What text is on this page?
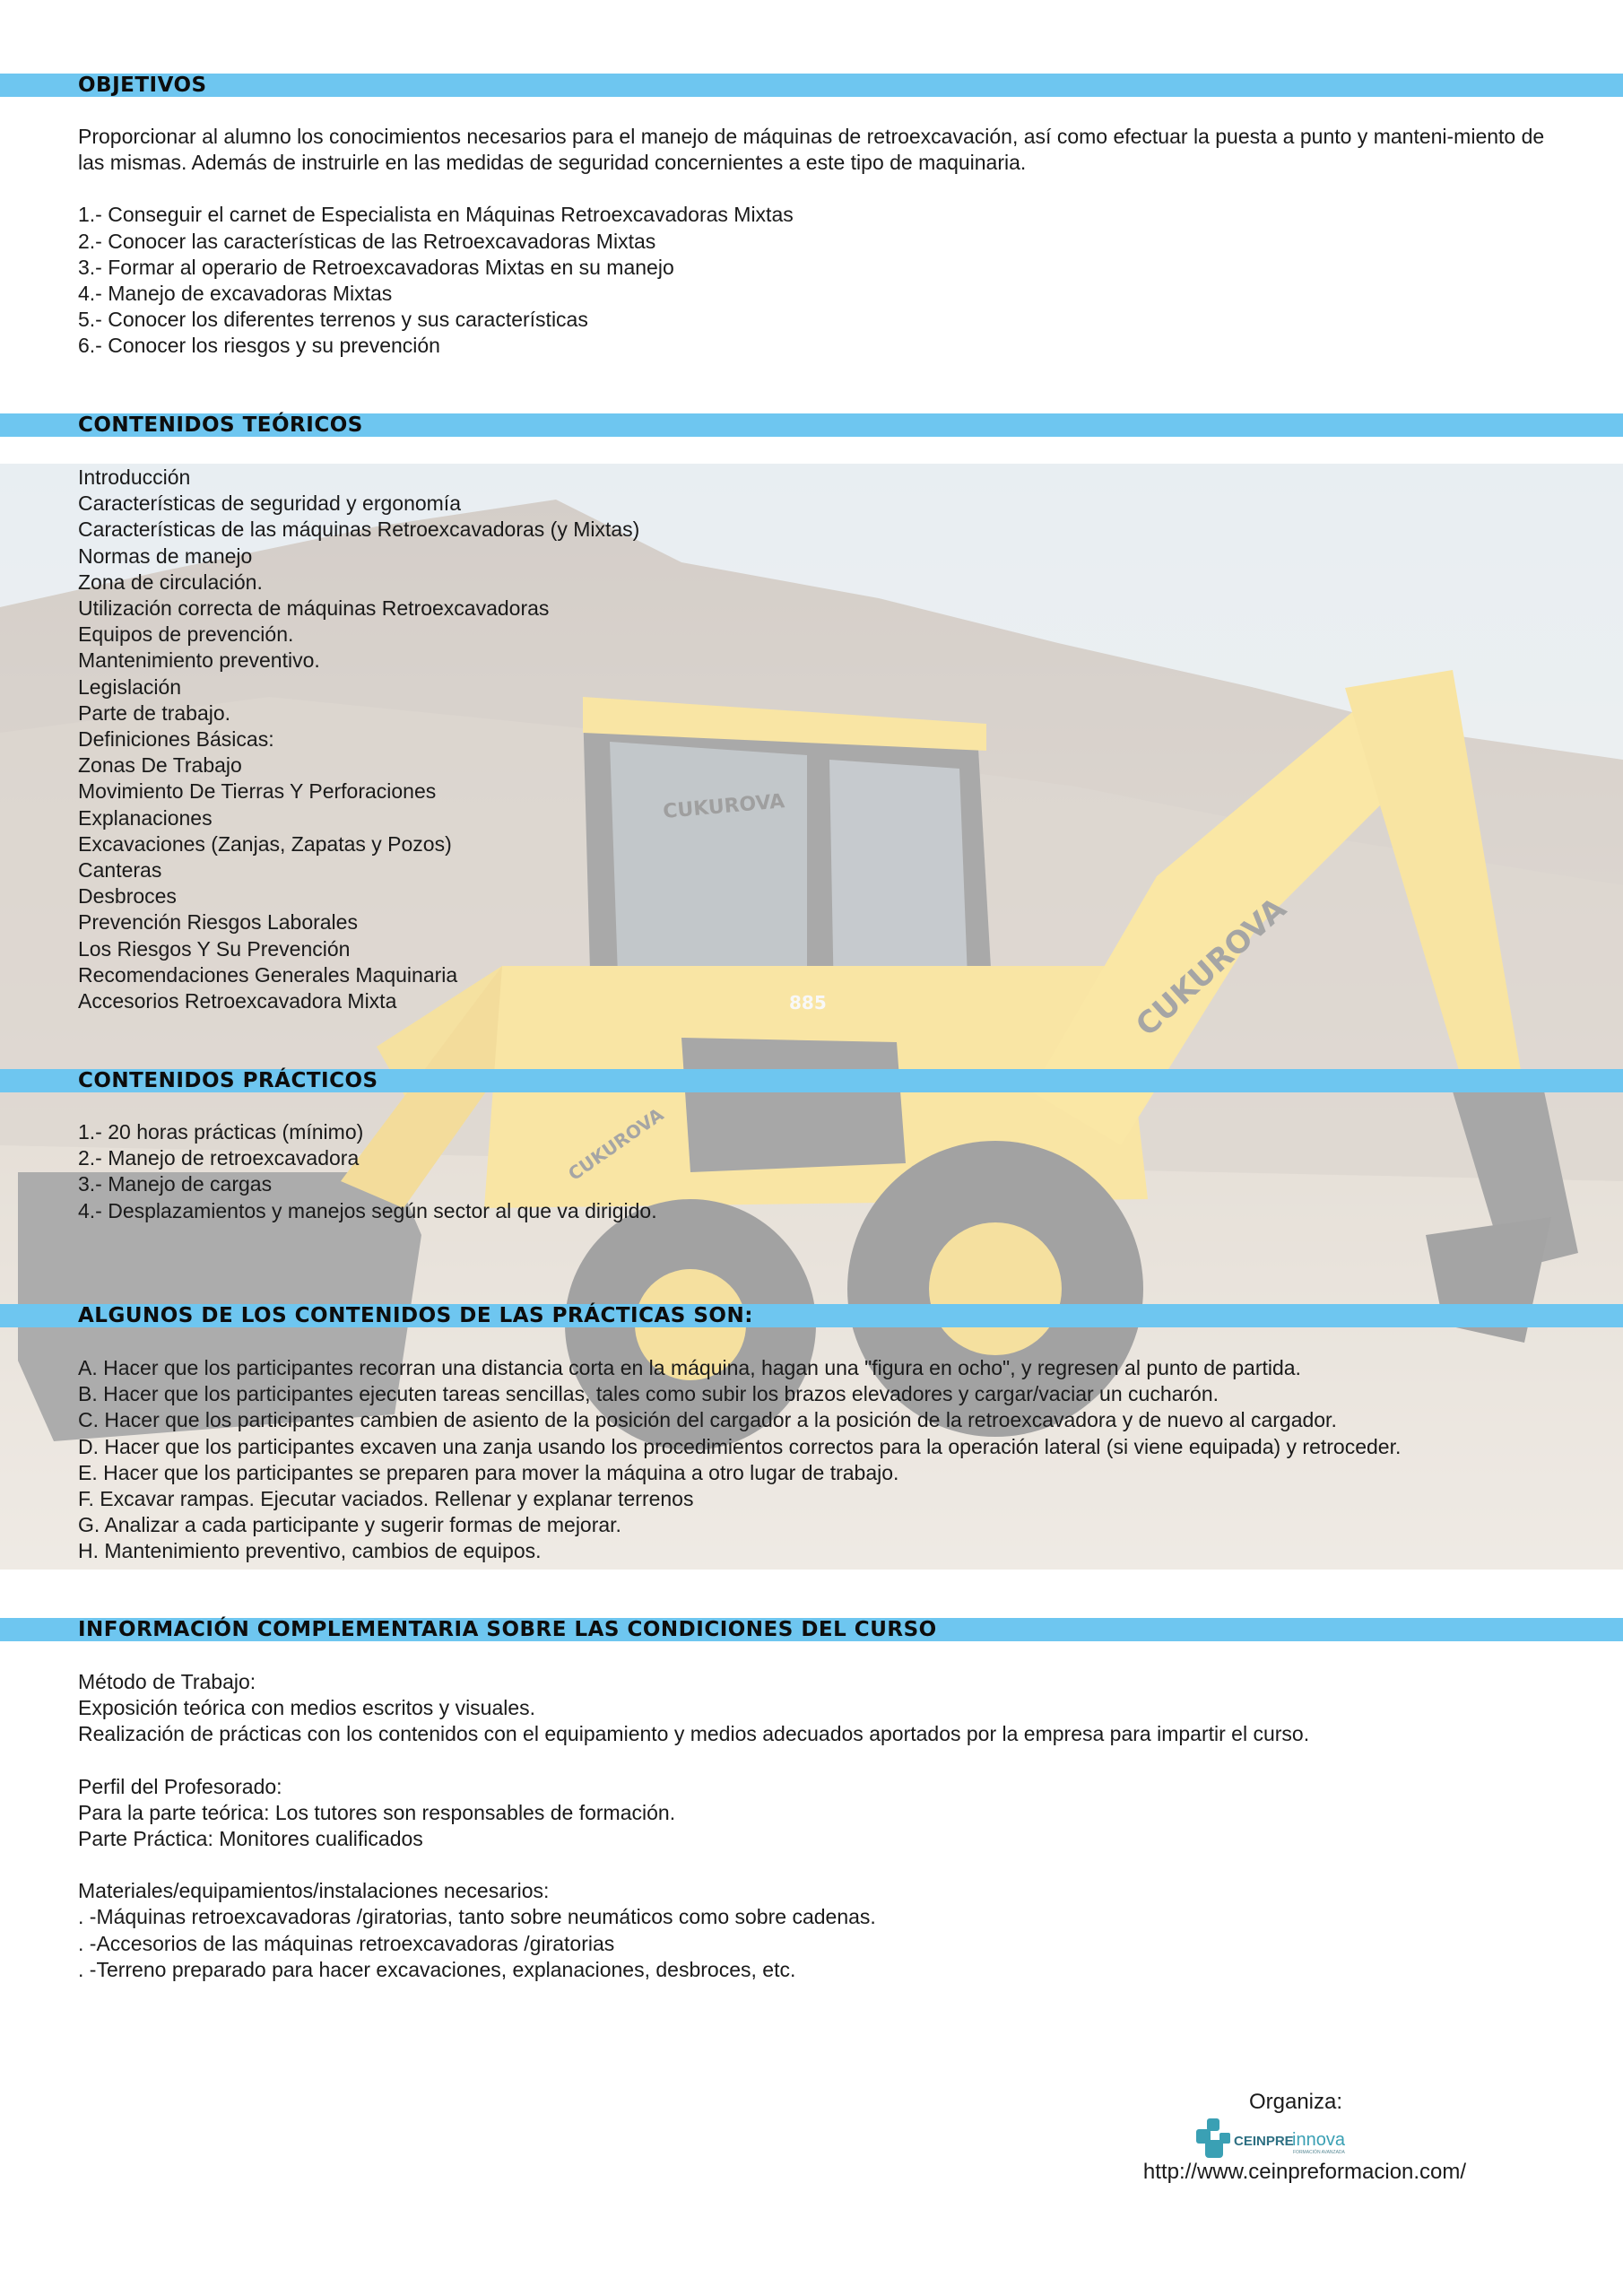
OBJETIVOS
Proporcionar al alumno los conocimientos necesarios para el manejo de máquinas de retroexcavación, así como efectuar la puesta a punto y manteni-miento de las mismas. Además de instruirle en las medidas de seguridad concernientes a este tipo de maquinaria.
1.- Conseguir el carnet de Especialista en Máquinas Retroexcavadoras Mixtas
2.- Conocer las características de las Retroexcavadoras Mixtas
3.- Formar al operario de Retroexcavadoras Mixtas en su manejo
4.- Manejo de excavadoras Mixtas
5.- Conocer los diferentes terrenos y sus características
6.- Conocer los riesgos y su prevención
CONTENIDOS TEÓRICOS
Introducción
Características de seguridad y ergonomía
Características de las máquinas Retroexcavadoras (y Mixtas)
Normas de manejo
Zona de circulación.
Utilización correcta de máquinas Retroexcavadoras
Equipos de prevención.
Mantenimiento preventivo.
Legislación
Parte de trabajo.
Definiciones Básicas:
Zonas De Trabajo
Movimiento De Tierras Y Perforaciones
Explanaciones
Excavaciones (Zanjas, Zapatas y Pozos)
Canteras
Desbroces
Prevención Riesgos Laborales
Los Riesgos Y Su Prevención
Recomendaciones Generales Maquinaria
Accesorios Retroexcavadora Mixta
CONTENIDOS PRÁCTICOS
1.- 20 horas prácticas (mínimo)
2.- Manejo de retroexcavadora
3.- Manejo de cargas
4.- Desplazamientos y manejos según sector al que va dirigido.
ALGUNOS DE LOS CONTENIDOS DE LAS PRÁCTICAS SON:
A. Hacer que los participantes recorran una distancia corta en la máquina, hagan una "figura en ocho", y regresen al punto de partida.
B. Hacer que los participantes ejecuten tareas sencillas, tales como subir los brazos elevadores y cargar/vaciar un cucharón.
C. Hacer que los participantes cambien de asiento de la posición del cargador a la posición de la retroexcavadora y de nuevo al cargador.
D. Hacer que los participantes excaven una zanja usando los procedimientos correctos para la operación lateral (si viene equipada) y retroceder.
E. Hacer que los participantes se preparen para mover la máquina a otro lugar de trabajo.
F. Excavar rampas. Ejecutar vaciados. Rellenar y explanar terrenos
G. Analizar a cada participante y sugerir formas de mejorar.
H. Mantenimiento preventivo, cambios de equipos.
INFORMACIÓN COMPLEMENTARIA SOBRE LAS CONDICIONES DEL CURSO
Método de Trabajo:
Exposición teórica con medios escritos y visuales.
Realización de prácticas con los contenidos con el equipamiento y medios adecuados aportados por la empresa para impartir el curso.
Perfil del Profesorado:
Para la parte teórica: Los tutores son responsables de formación.
Parte Práctica: Monitores cualificados
Materiales/equipamientos/instalaciones necesarios:
. -Máquinas retroexcavadoras /giratorias, tanto sobre neumáticos como sobre cadenas.
. -Accesorios de las máquinas retroexcavadoras /giratorias
. -Terreno preparado para hacer excavaciones, explanaciones, desbroces, etc.
Organiza:
CEINPRE
innova
FORMACIÓN AVANZADA
http://www.ceinpreformacion.com/
